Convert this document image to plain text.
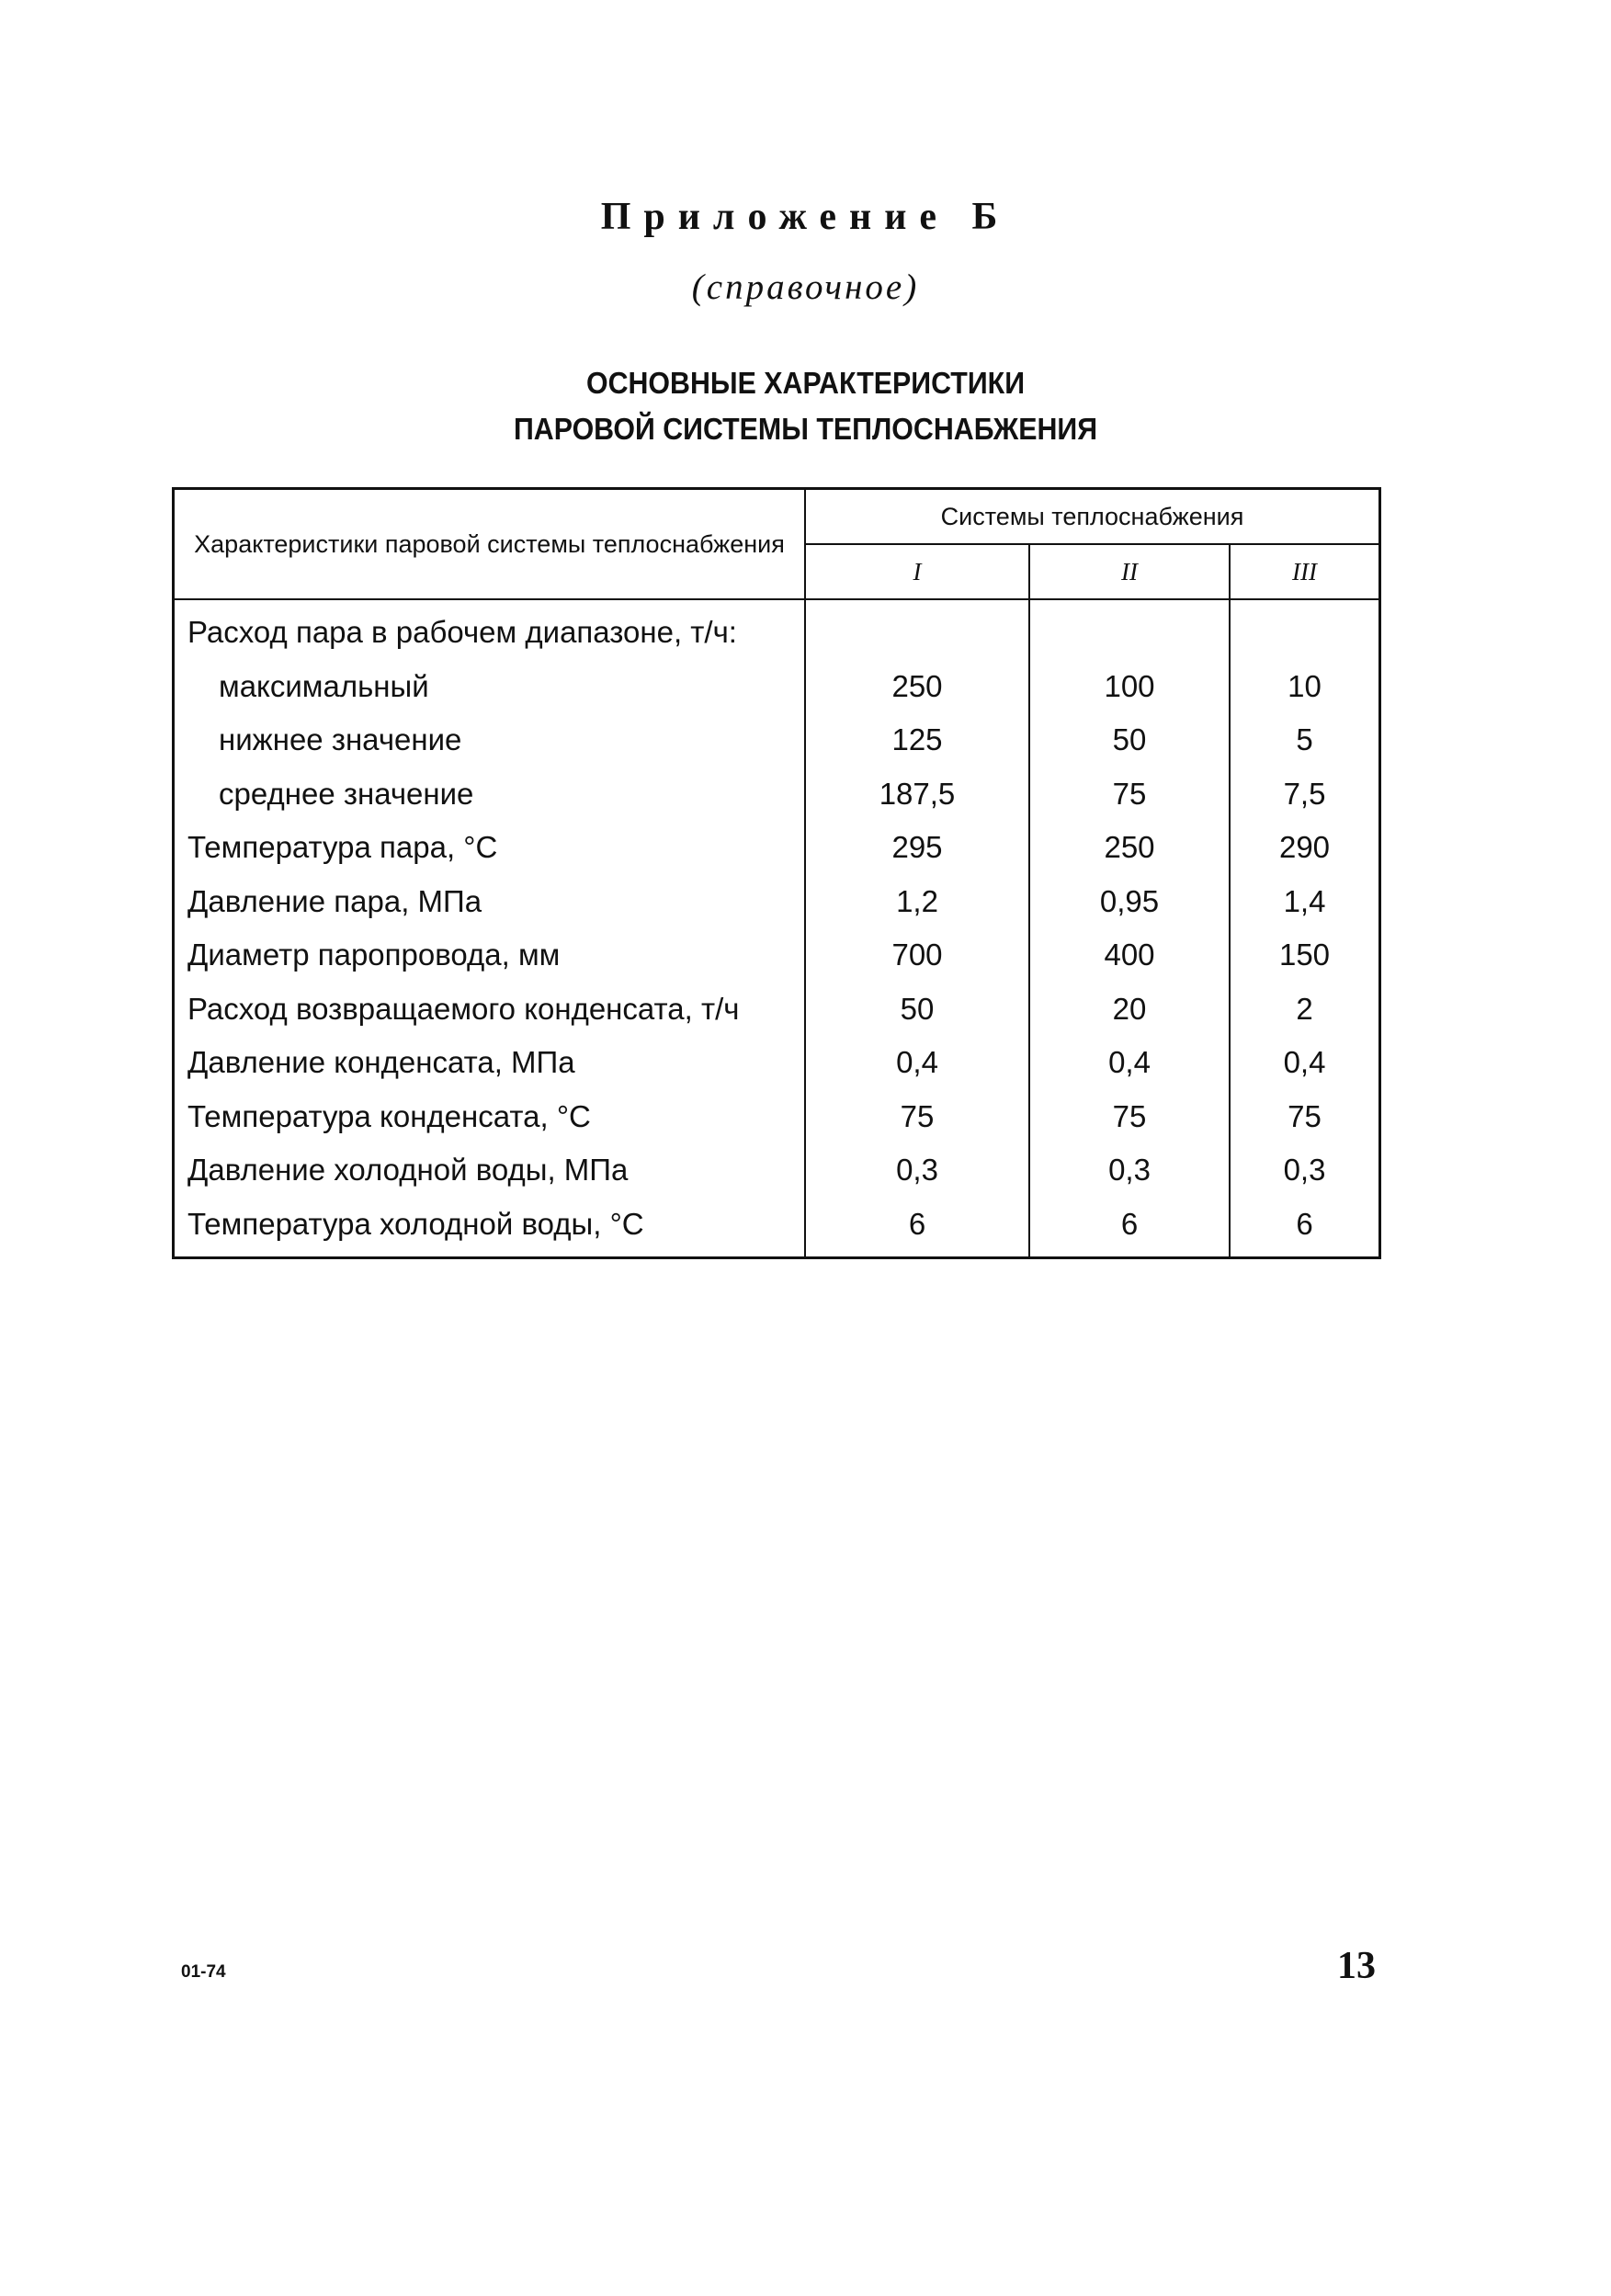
Приложение Б
(справочное)
ОСНОВНЫЕ ХАРАКТЕРИСТИКИ
ПАРОВОЙ СИСТЕМЫ ТЕПЛОСНАБЖЕНИЯ
Характеристики паровой системы теплоснабжения	Системы теплоснабжения		
	I	II	III
Расход пара в рабочем диапазоне, т/ч:			
максимальный	250	100	10
нижнее значение	125	50	5
среднее значение	187,5	75	7,5
Температура пара, °С	295	250	290
Давление пара, МПа	1,2	0,95	1,4
Диаметр паропровода, мм	700	400	150
Расход возвращаемого конденсата, т/ч	50	20	2
Давление конденсата, МПа	0,4	0,4	0,4
Температура конденсата, °С	75	75	75
Давление холодной воды, МПа	0,3	0,3	0,3
Температура холодной воды, °С	6	6	6
01-74	13
